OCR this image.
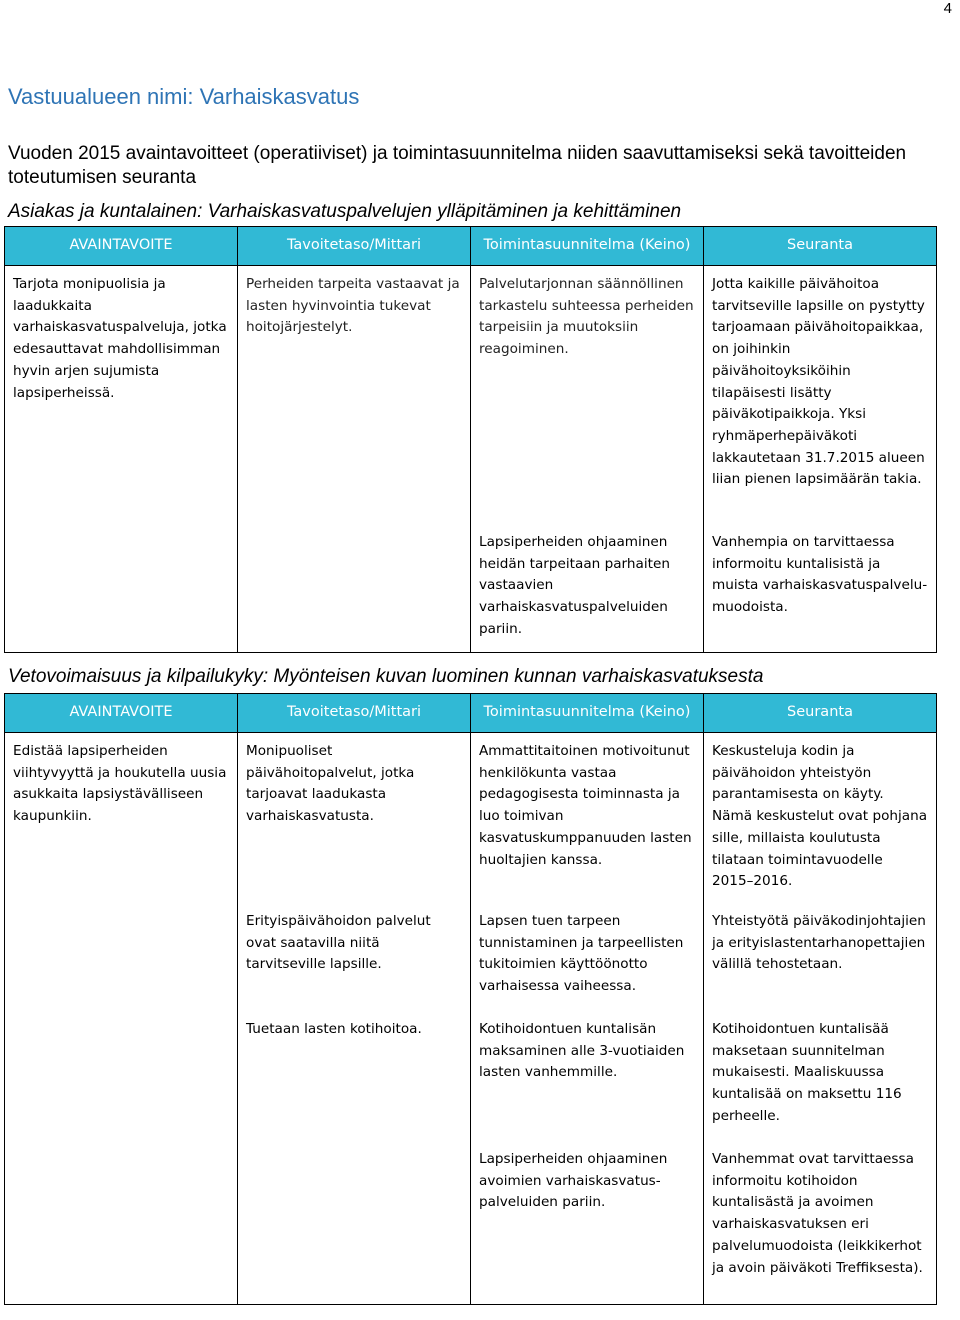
4
Vastuualueen nimi: Varhaiskasvatus
Vuoden 2015 avaintavoitteet (operatiiviset) ja toimintasuunnitelma niiden saavuttamiseksi sekä tavoitteiden toteutumisen seuranta
Asiakas ja kuntalainen: Varhaiskasvatuspalvelujen ylläpitäminen ja kehittäminen
AVAINTAVOITE	Tavoitetaso/Mittari	Toimintasuunnitelma (Keino)	Seuranta
Tarjota monipuolisia ja laadukkaita varhaiskasvatuspalveluja, jotka edesauttavat mahdollisimman hyvin arjen sujumista lapsiperheissä.	Perheiden tarpeita vastaavat ja lasten hyvinvointia tukevat hoitojärjestelyt.	Palvelutarjonnan säännöllinen tarkastelu suhteessa perheiden tarpeisiin ja muutoksiin reagoiminen.	Jotta kaikille päivähoitoa tarvitseville lapsille on pystytty tarjoamaan päivähoitopaikkaa, on joihinkin päivähoitoyksiköihin tilapäisesti lisätty päiväkotipaikkoja. Yksi ryhmäperhepäiväkoti lakkautetaan 31.7.2015 alueen liian pienen lapsimäärän takia.
		Lapsiperheiden ohjaaminen heidän tarpeitaan parhaiten vastaavien varhaiskasvatuspalveluiden pariin.	Vanhempia on tarvittaessa informoitu kuntalisistä ja muista varhaiskasvatuspalvelu-muodoista.
Vetovoimaisuus ja kilpailukyky: Myönteisen kuvan luominen kunnan varhaiskasvatuksesta
AVAINTAVOITE	Tavoitetaso/Mittari	Toimintasuunnitelma (Keino)	Seuranta
Edistää lapsiperheiden viihtyvyyttä ja houkutella uusia asukkaita lapsiystävälliseen kaupunkiin.	Monipuoliset päivähoitopalvelut, jotka tarjoavat laadukasta varhaiskasvatusta.	Ammattitaitoinen motivoitunut henkilökunta vastaa pedagogisesta toiminnasta ja luo toimivan kasvatuskumppanuuden lasten huoltajien kanssa.	Keskusteluja kodin ja päivähoidon yhteistyön parantamisesta on käyty. Nämä keskustelut ovat pohjana sille, millaista koulutusta tilataan toimintavuodelle 2015–2016.
	Erityispäivähoidon palvelut ovat saatavilla niitä tarvitseville lapsille.	Lapsen tuen tarpeen tunnistaminen ja tarpeellisten tukitoimien käyttöönotto varhaisessa vaiheessa.	Yhteistyötä päiväkodinjohtajien ja erityislastentarhanopettajien välillä tehostetaan.
	Tuetaan lasten kotihoitoa.	Kotihoidontuen kuntalisän maksaminen alle 3-vuotiaiden lasten vanhemmille.	Kotihoidontuen kuntalisää maksetaan suunnitelman mukaisesti. Maaliskuussa kuntalisää on maksettu 116 perheelle.
		Lapsiperheiden ohjaaminen avoimien varhaiskasvatus-palveluiden pariin.	Vanhemmat ovat tarvittaessa informoitu kotihoidon kuntalisästä ja avoimen varhaiskasvatuksen eri palvelumuodoista (leikkikerhot ja avoin päiväkoti Treffiksesta).
